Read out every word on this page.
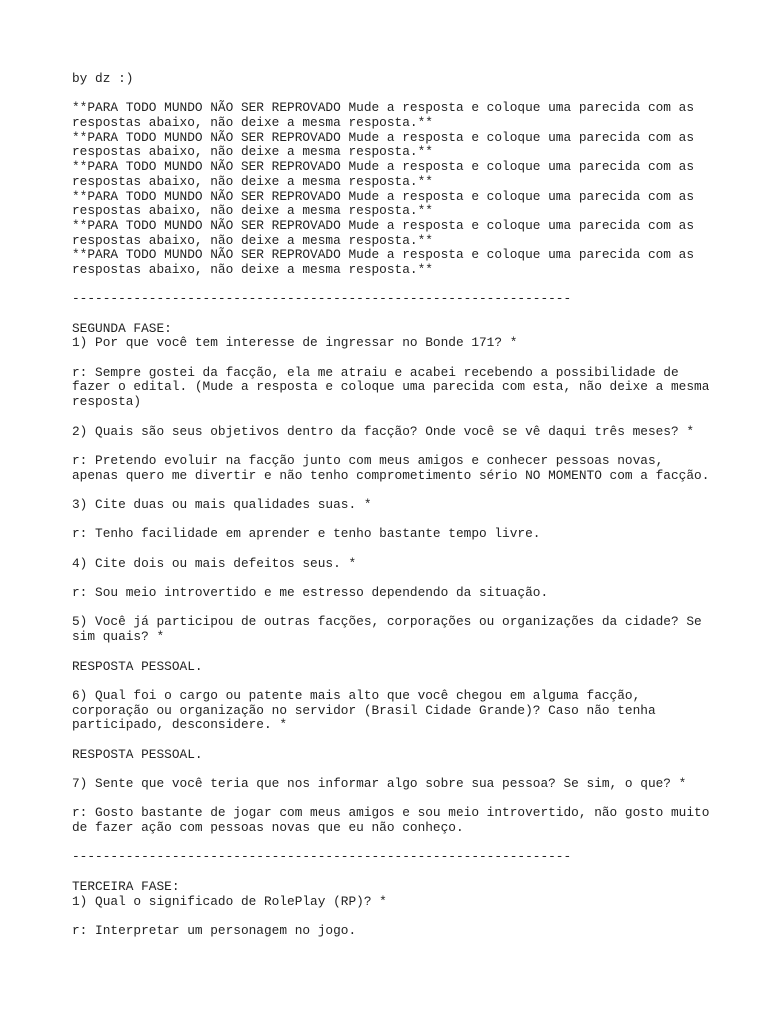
by dz :)
**PARA TODO MUNDO NÃO SER REPROVADO Mude a resposta e coloque uma parecida com as
respostas abaixo, não deixe a mesma resposta.**
**PARA TODO MUNDO NÃO SER REPROVADO Mude a resposta e coloque uma parecida com as
respostas abaixo, não deixe a mesma resposta.**
**PARA TODO MUNDO NÃO SER REPROVADO Mude a resposta e coloque uma parecida com as
respostas abaixo, não deixe a mesma resposta.**
**PARA TODO MUNDO NÃO SER REPROVADO Mude a resposta e coloque uma parecida com as
respostas abaixo, não deixe a mesma resposta.**
**PARA TODO MUNDO NÃO SER REPROVADO Mude a resposta e coloque uma parecida com as
respostas abaixo, não deixe a mesma resposta.**
**PARA TODO MUNDO NÃO SER REPROVADO Mude a resposta e coloque uma parecida com as
respostas abaixo, não deixe a mesma resposta.**
-----------------------------------------------------------------
SEGUNDA FASE:
1) Por que você tem interesse de ingressar no Bonde 171? *
r: Sempre gostei da facção, ela me atraiu e acabei recebendo a possibilidade de
fazer o edital. (Mude a resposta e coloque uma parecida com esta, não deixe a mesma
resposta)
2) Quais são seus objetivos dentro da facção? Onde você se vê daqui três meses? *
r: Pretendo evoluir na facção junto com meus amigos e conhecer pessoas novas,
apenas quero me divertir e não tenho comprometimento sério NO MOMENTO com a facção.
3) Cite duas ou mais qualidades suas. *
r: Tenho facilidade em aprender e tenho bastante tempo livre.
4) Cite dois ou mais defeitos seus. *
r: Sou meio introvertido e me estresso dependendo da situação.
5) Você já participou de outras facções, corporações ou organizações da cidade? Se
sim quais? *
RESPOSTA PESSOAL.
6) Qual foi o cargo ou patente mais alto que você chegou em alguma facção,
corporação ou organização no servidor (Brasil Cidade Grande)? Caso não tenha
participado, desconsidere. *
RESPOSTA PESSOAL.
7) Sente que você teria que nos informar algo sobre sua pessoa? Se sim, o que? *
r: Gosto bastante de jogar com meus amigos e sou meio introvertido, não gosto muito
de fazer ação com pessoas novas que eu não conheço.
-----------------------------------------------------------------
TERCEIRA FASE:
1) Qual o significado de RolePlay (RP)? *
r: Interpretar um personagem no jogo.
